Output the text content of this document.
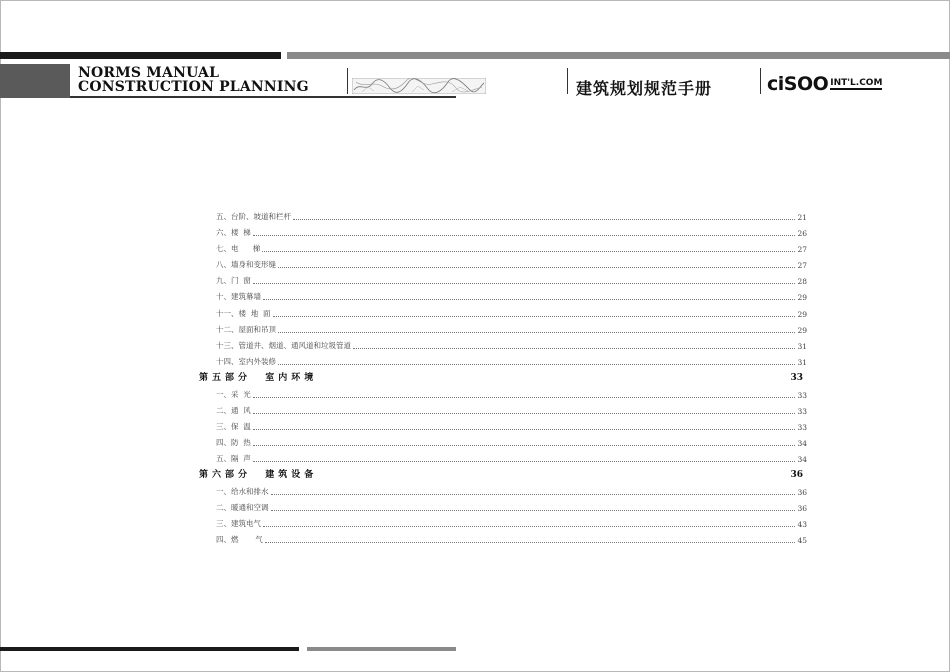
NORMS MANUAL
CONSTRUCTION PLANNING	建筑规划规范手册	ciSOO INT'L.COM
五、台阶、坡道和栏杆	21
六、楼  梯	26
七、电      梯	27
八、墙身和变形缝	27
九、门  窗	28
十、建筑幕墙	29
十一、楼  地  面	29
十二、屋面和吊顶	29
十三、管道井、烟道、通风道和垃圾管道	31
十四、室内外装修	31
第五部分  室内环境	33
一、采  光	33
二、通  风	33
三、保  温	33
四、防  热	34
五、隔  声	34
第六部分  建筑设备	36
一、给水和排水	36
二、暖通和空调	36
三、建筑电气	43
四、燃       气	45
